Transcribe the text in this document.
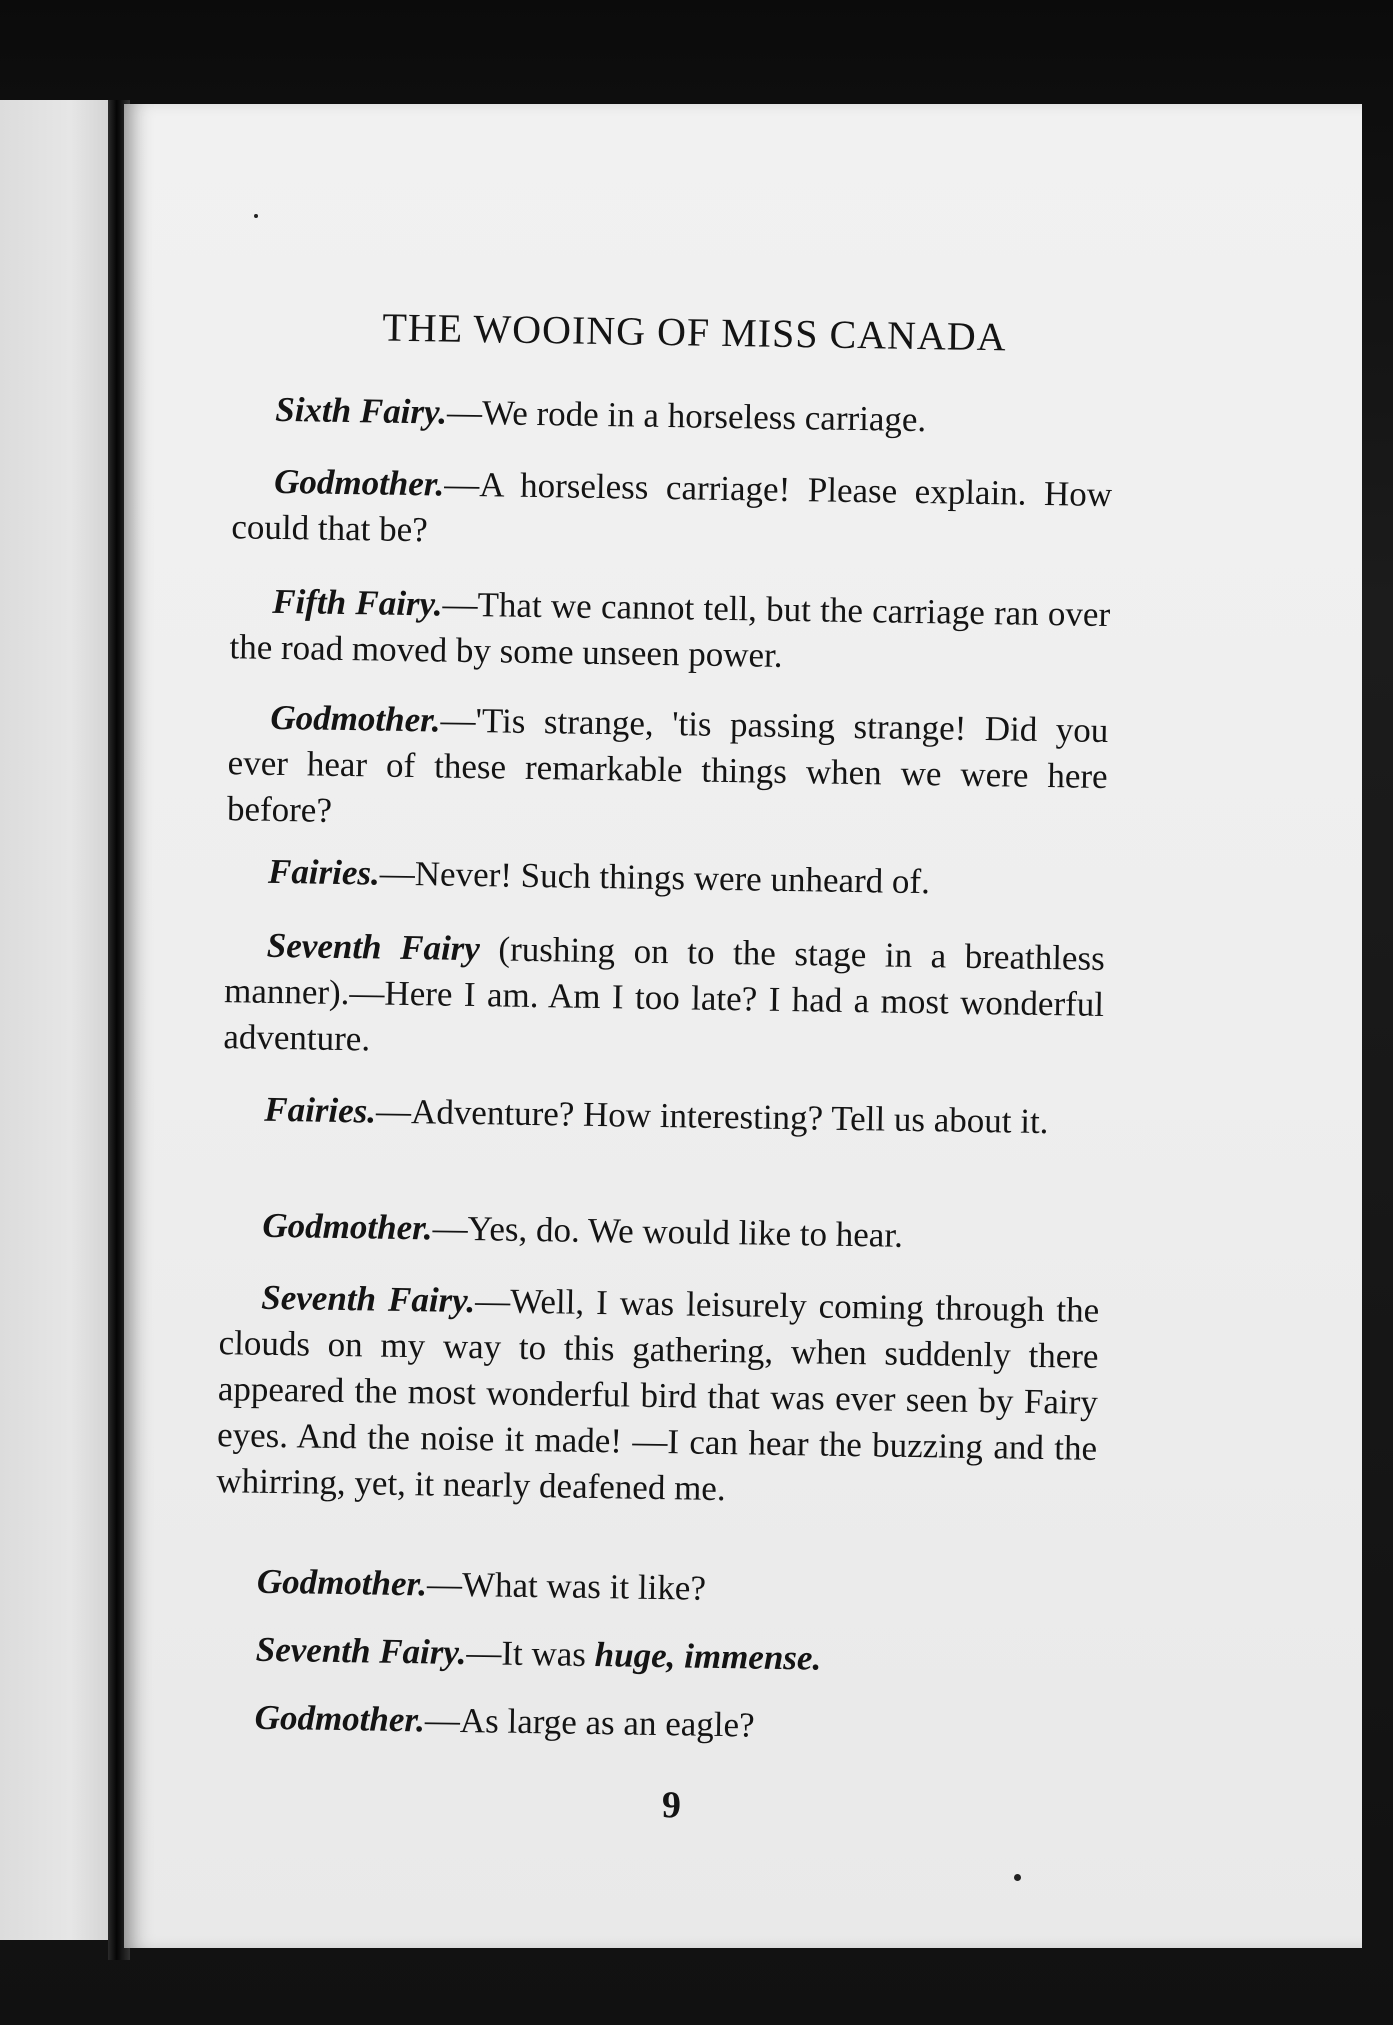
THE WOOING OF MISS CANADA

Sixth Fairy.—We rode in a horseless carriage.

Godmother.—A horseless carriage! Please explain. How could that be?

Fifth Fairy.—That we cannot tell, but the carriage ran over the road moved by some unseen power.

Godmother.—'Tis strange, 'tis passing strange! Did you ever hear of these remarkable things when we were here before?

Fairies.—Never! Such things were unheard of.

Seventh Fairy (rushing on to the stage in a breathless manner).—Here I am. Am I too late? I had a most wonderful adventure.

Fairies.—Adventure? How interesting? Tell us about it.

Godmother.—Yes, do. We would like to hear.

Seventh Fairy.—Well, I was leisurely coming through the clouds on my way to this gathering, when suddenly there appeared the most wonderful bird that was ever seen by Fairy eyes. And the noise it made! —I can hear the buzzing and the whirring, yet, it nearly deafened me.

Godmother.—What was it like?

Seventh Fairy.—It was huge, immense.

Godmother.—As large as an eagle?

9
